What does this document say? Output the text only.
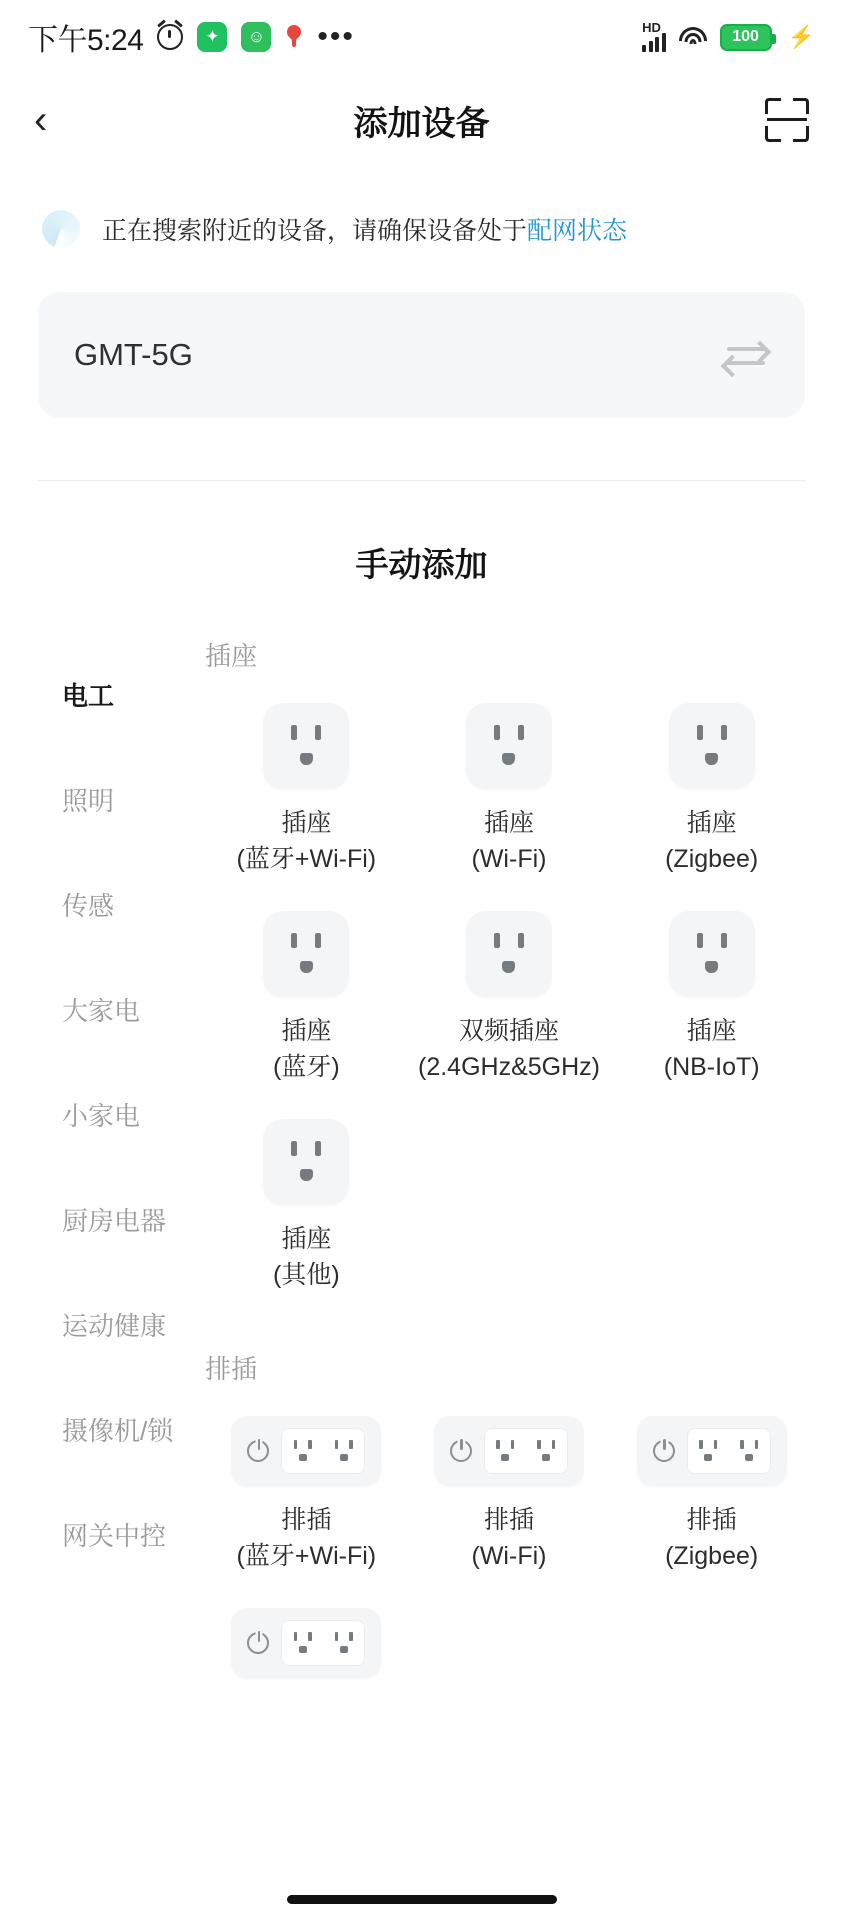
下午5:24	✦	☺ •••	HD
100 ⚡
‹	添加设备
正在搜索附近的设备，请确保设备处于配网状态
GMT-5G
手动添加
电工
照明
传感
大家电
小家电
厨房电器
运动健康
摄像机/锁
网关中控
插座
插座
(蓝牙+Wi-Fi)
插座
(Wi-Fi)
插座
(Zigbee)
插座
(蓝牙)
双频插座
(2.4GHz&5GHz)
插座
(NB-IoT)
插座
(其他)
排插
排插
(蓝牙+Wi-Fi)
排插
(Wi-Fi)
排插
(Zigbee)
